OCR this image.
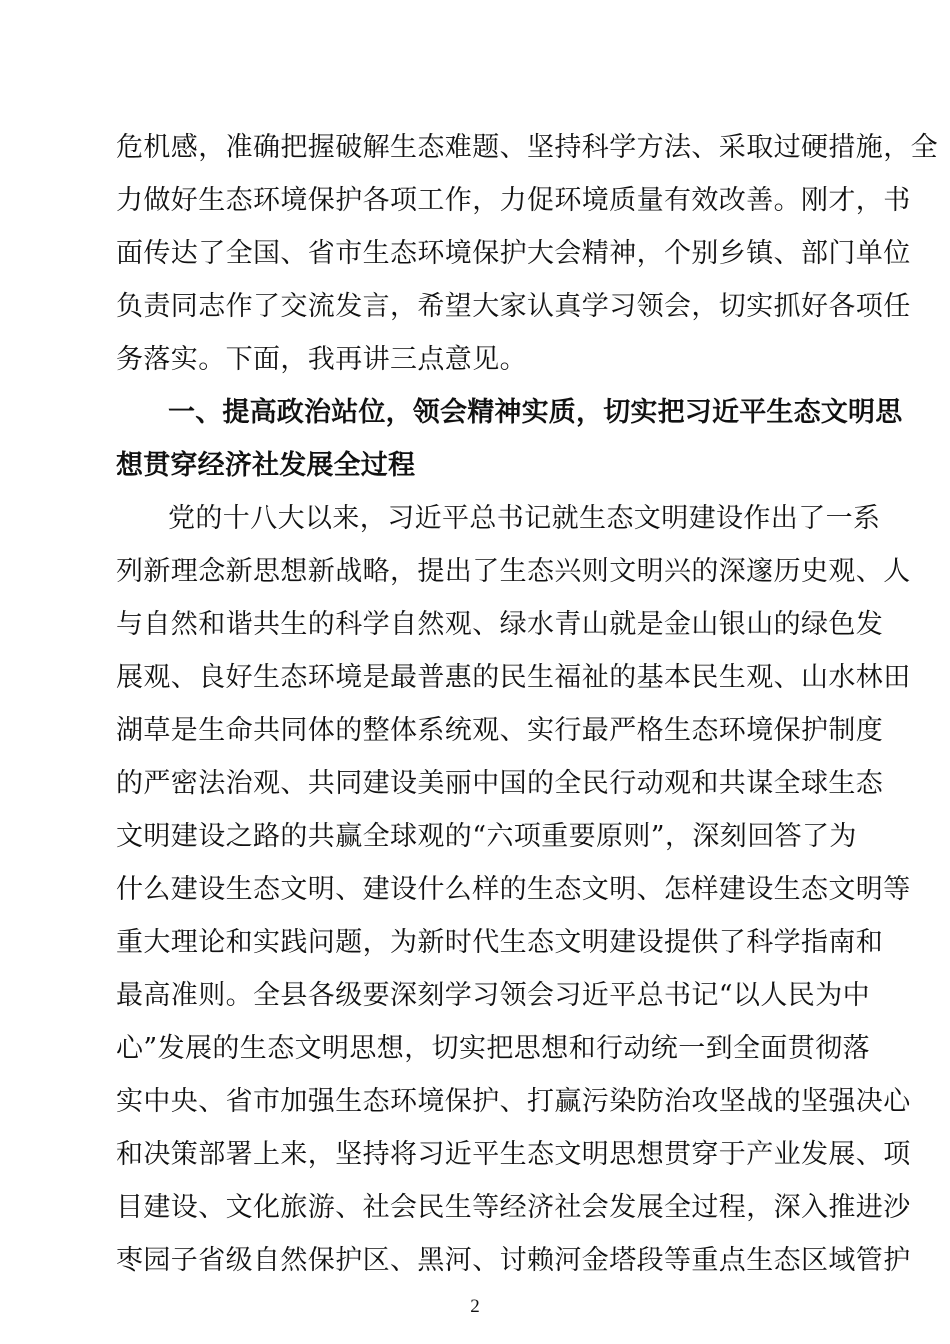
危机感，准确把握破解生态难题、坚持科学方法、采取过硬措施，全
力做好生态环境保护各项工作，力促环境质量有效改善。刚才，书
面传达了全国、省市生态环境保护大会精神，个别乡镇、部门单位
负责同志作了交流发言，希望大家认真学习领会，切实抓好各项任
务落实。下面，我再讲三点意见。
一、提高政治站位，领会精神实质，切实把习近平生态文明思
想贯穿经济社发展全过程
党的十八大以来，习近平总书记就生态文明建设作出了一系
列新理念新思想新战略，提出了生态兴则文明兴的深邃历史观、人
与自然和谐共生的科学自然观、绿水青山就是金山银山的绿色发
展观、良好生态环境是最普惠的民生福祉的基本民生观、山水林田
湖草是生命共同体的整体系统观、实行最严格生态环境保护制度
的严密法治观、共同建设美丽中国的全民行动观和共谋全球生态
文明建设之路的共赢全球观的“六项重要原则”，深刻回答了为
什么建设生态文明、建设什么样的生态文明、怎样建设生态文明等
重大理论和实践问题，为新时代生态文明建设提供了科学指南和
最高准则。全县各级要深刻学习领会习近平总书记“以人民为中
心”发展的生态文明思想，切实把思想和行动统一到全面贯彻落
实中央、省市加强生态环境保护、打赢污染防治攻坚战的坚强决心
和决策部署上来，坚持将习近平生态文明思想贯穿于产业发展、项
目建设、文化旅游、社会民生等经济社会发展全过程，深入推进沙
枣园子省级自然保护区、黑河、讨赖河金塔段等重点生态区域管护
2
